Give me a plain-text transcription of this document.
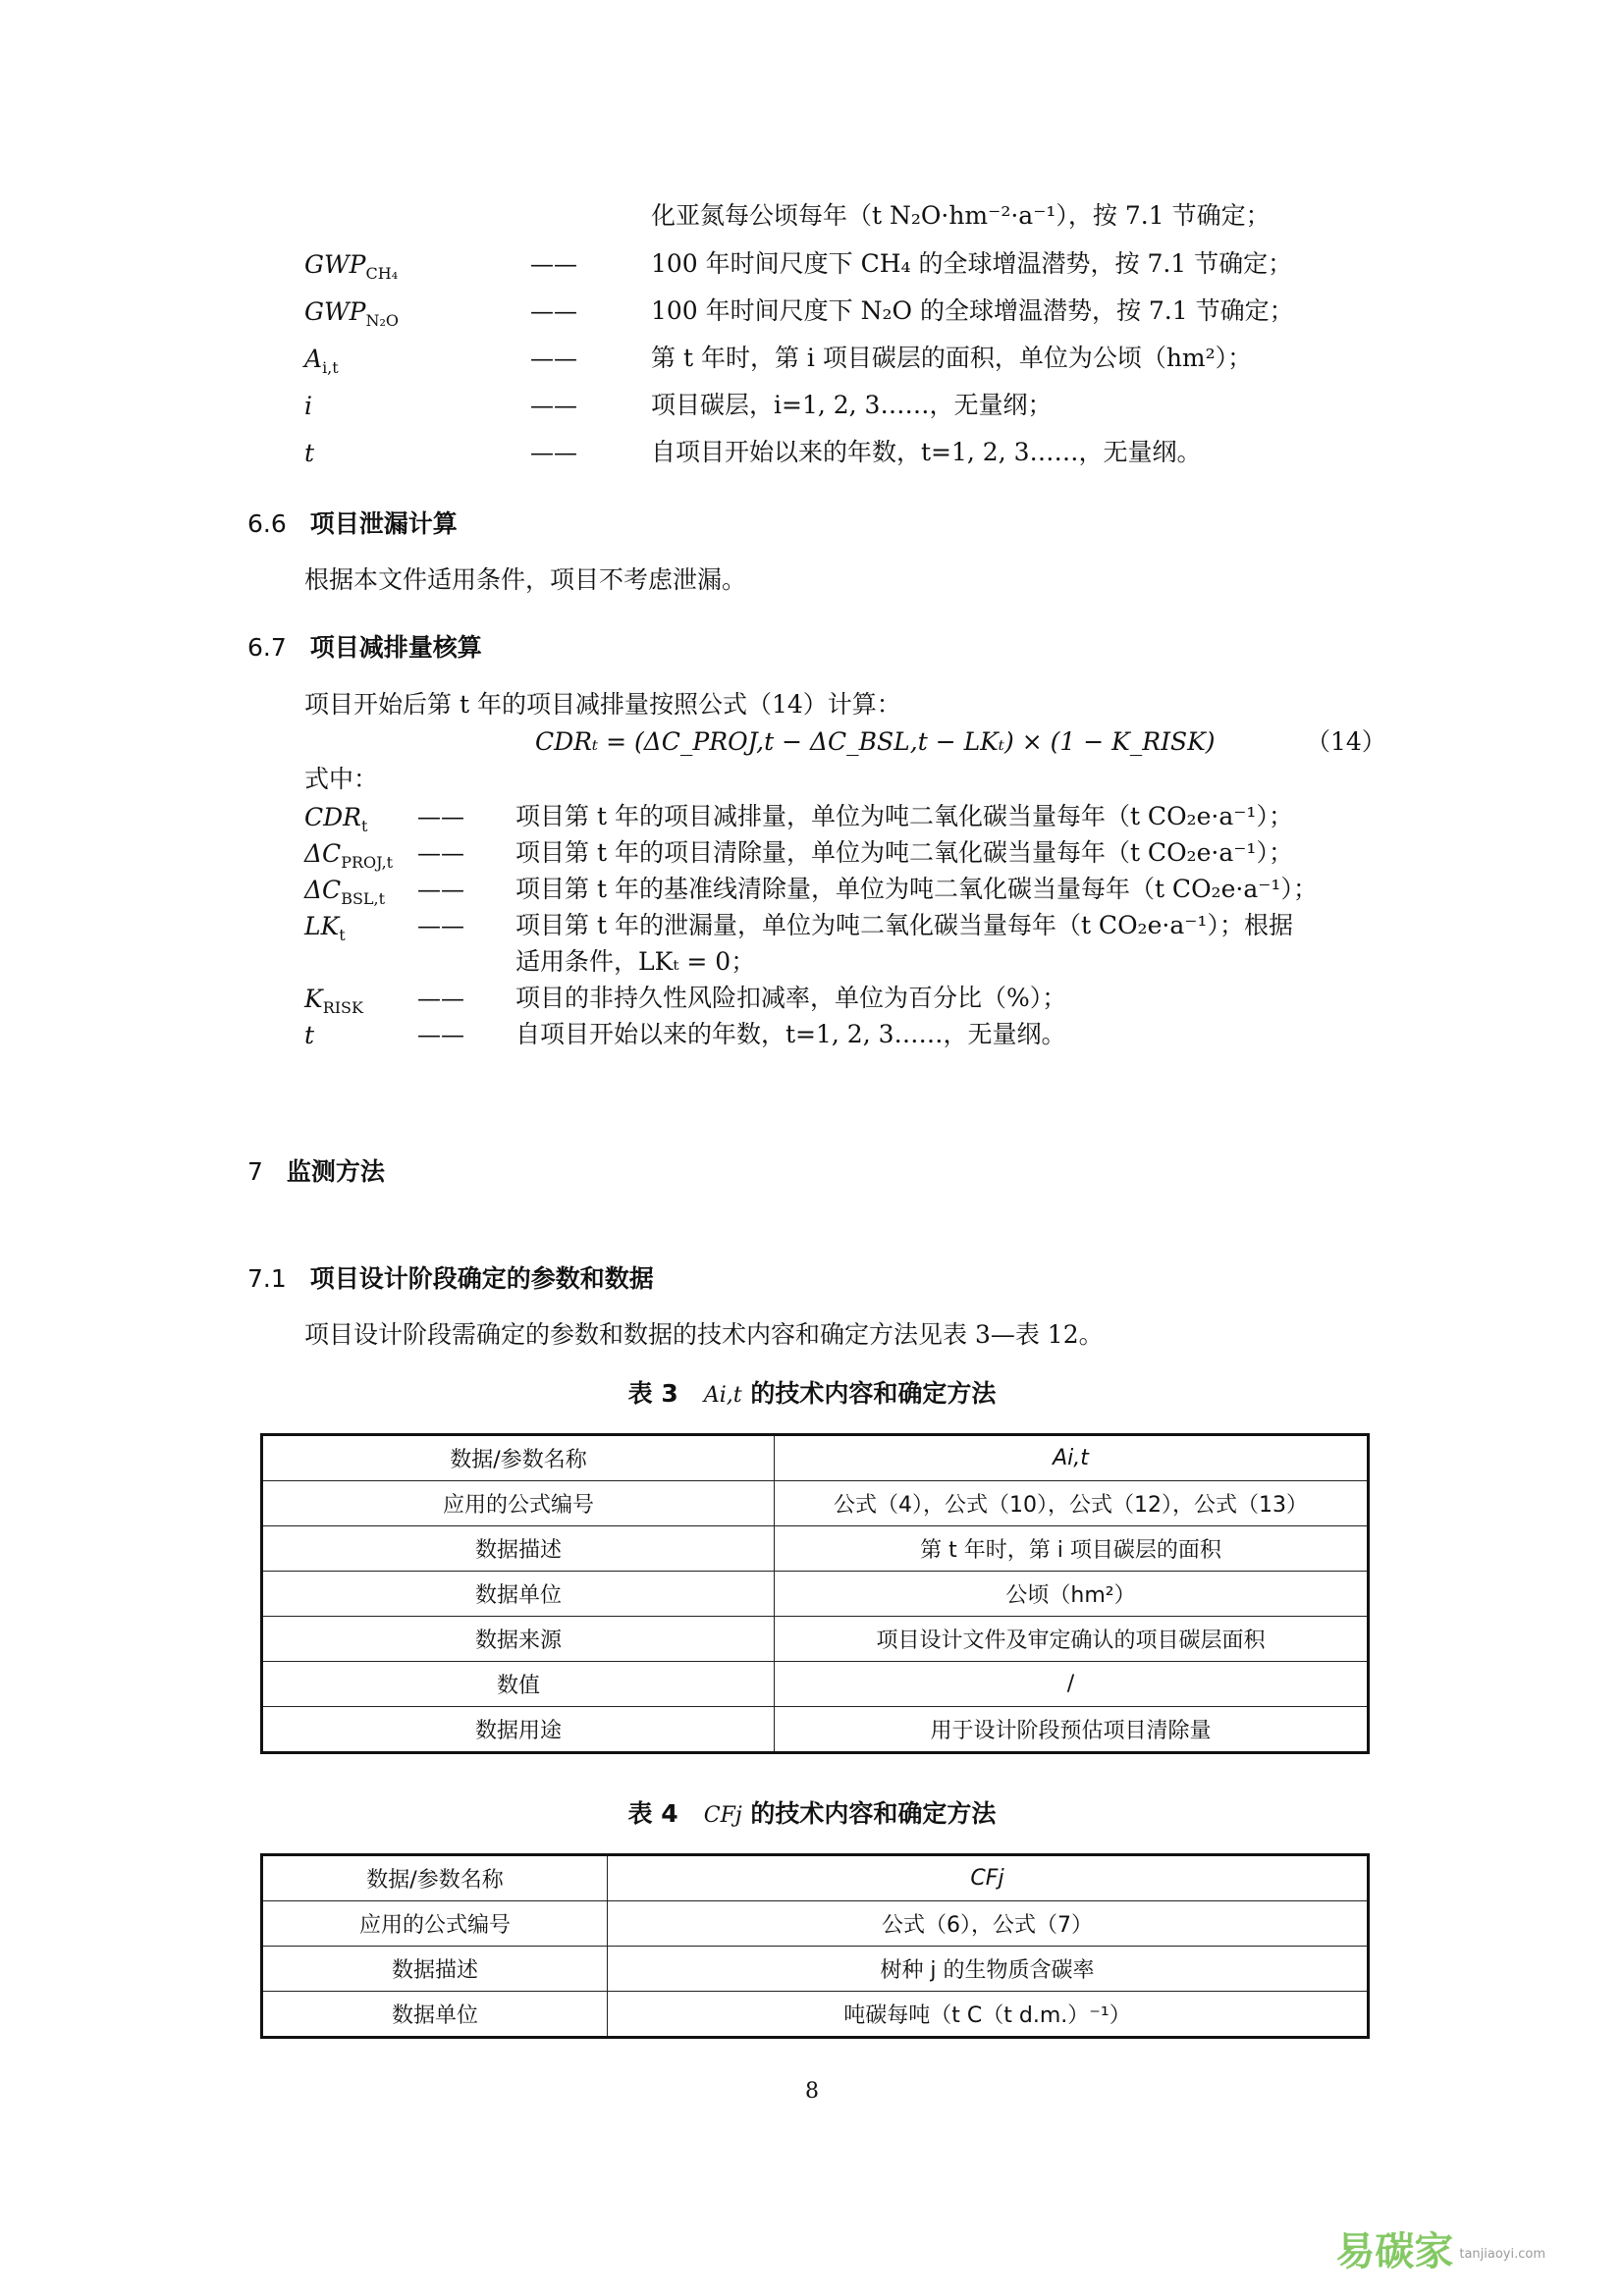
化亚氮每公顷每年（t N₂O·hm⁻²·a⁻¹），按 7.1 节确定；
$GWP_{CH_4}$	——	100 年时间尺度下 CH₄ 的全球增温潜势，按 7.1 节确定；
$GWP_{N_2O}$	——	100 年时间尺度下 N₂O 的全球增温潜势，按 7.1 节确定；
$A_{i,t}$	——	第 t 年时，第 i 项目碳层的面积，单位为公顷（hm²）；
i	——	项目碳层，i=1, 2, 3……，无量纲；
t	——	自项目开始以来的年数，t=1, 2, 3……，无量纲。
6.6 项目泄漏计算
根据本文件适用条件，项目不考虑泄漏。
6.7 项目减排量核算
项目开始后第 t 年的项目减排量按照公式（14）计算：
CDRₜ = (ΔC_PROJ,t − ΔC_BSL,t − LKₜ) × (1 − K_RISK)	（14）
式中：
$CDR_t$ —— 项目第 t 年的项目减排量，单位为吨二氧化碳当量每年（t CO₂e·a⁻¹）；
$\Delta C_{PROJ,t}$ —— 项目第 t 年的项目清除量，单位为吨二氧化碳当量每年（t CO₂e·a⁻¹）；
$\Delta C_{BSL,t}$ —— 项目第 t 年的基准线清除量，单位为吨二氧化碳当量每年（t CO₂e·a⁻¹）；
$LK_t$	—— 项目第 t 年的泄漏量，单位为吨二氧化碳当量每年（t CO₂e·a⁻¹）；根据
适用条件，LKₜ = 0；
$K_{RISK}$ —— 项目的非持久性风险扣减率，单位为百分比（%）；
t	—— 自项目开始以来的年数，t=1, 2, 3……，无量纲。
7 监测方法
7.1 项目设计阶段确定的参数和数据
项目设计阶段需确定的参数和数据的技术内容和确定方法见表 3—表 12。
表 3 Ai,t 的技术内容和确定方法
数据/参数名称	Ai,t
应用的公式编号	公式（4），公式（10），公式（12），公式（13）
数据描述	第 t 年时，第 i 项目碳层的面积
数据单位	公顷（hm²）
数据来源	项目设计文件及审定确认的项目碳层面积
数值	/
数据用途	用于设计阶段预估项目清除量
表 4 CFj 的技术内容和确定方法
数据/参数名称	CFj
应用的公式编号	公式（6），公式（7）
数据描述	树种 j 的生物质含碳率
数据单位	吨碳每吨（t C（t d.m.）⁻¹）
8
易碳家 tanjiaoyi.com
